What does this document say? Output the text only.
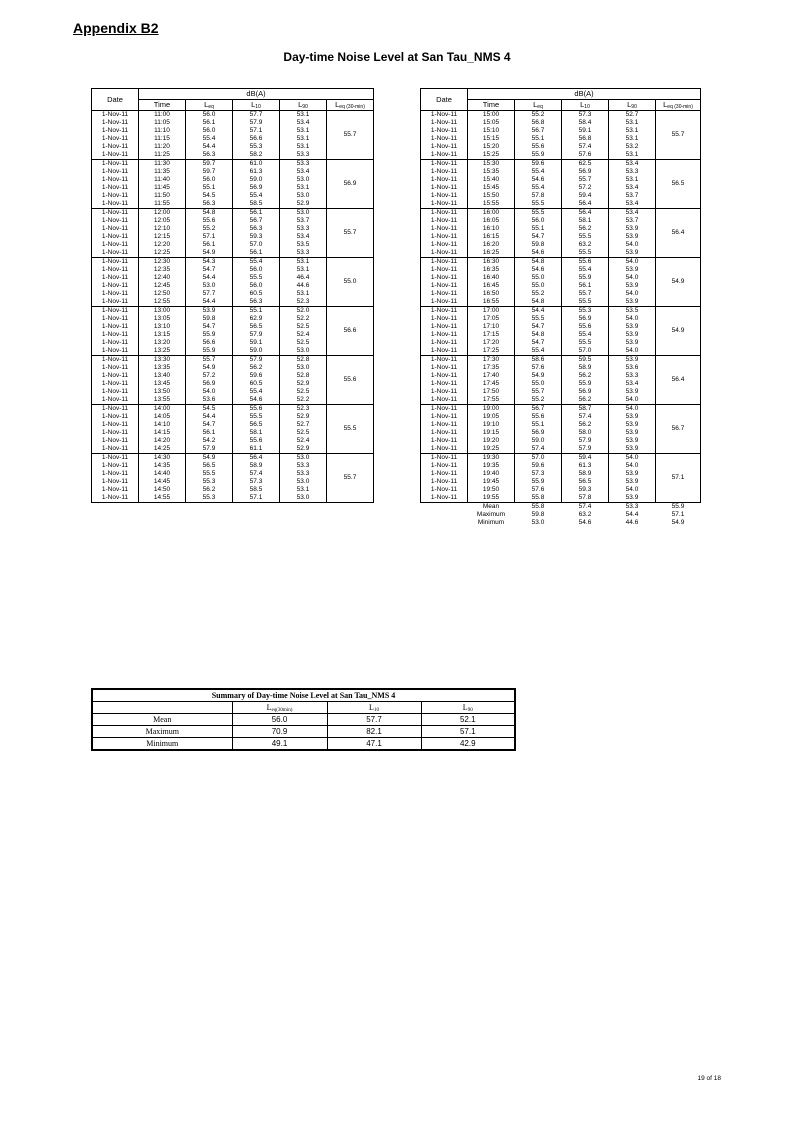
Appendix B2
Day-time Noise Level at San Tau_NMS 4
Date	dB(A)				
	Time	$L_{eq}$	$L_{10}$	$L_{90}$	$L_{eq (30-min)}$
1-Nov-11	11:00	56.0	57.7	53.1	55.7
1-Nov-11	11:05	56.1	57.9	53.4	
1-Nov-11	11:10	56.0	57.1	53.1	
1-Nov-11	11:15	55.4	56.6	53.1	
1-Nov-11	11:20	54.4	55.3	53.1	
1-Nov-11	11:25	56.3	58.2	53.3	
1-Nov-11	11:30	59.7	61.0	53.3	56.9
1-Nov-11	11:35	59.7	61.3	53.4	
1-Nov-11	11:40	56.0	59.0	53.0	
1-Nov-11	11:45	55.1	56.9	53.1	
1-Nov-11	11:50	54.5	55.4	53.0	
1-Nov-11	11:55	56.3	58.5	52.9	
1-Nov-11	12:00	54.8	56.1	53.0	55.7
1-Nov-11	12:05	55.6	56.7	53.7	
1-Nov-11	12:10	55.2	56.3	53.3	
1-Nov-11	12:15	57.1	59.3	53.4	
1-Nov-11	12:20	56.1	57.0	53.5	
1-Nov-11	12:25	54.9	56.1	53.3	
1-Nov-11	12:30	54.3	55.4	53.1	55.0
1-Nov-11	12:35	54.7	56.0	53.1	
1-Nov-11	12:40	54.4	55.5	46.4	
1-Nov-11	12:45	53.0	56.0	44.6	
1-Nov-11	12:50	57.7	60.5	53.1	
1-Nov-11	12:55	54.4	56.3	52.3	
1-Nov-11	13:00	53.9	55.1	52.0	56.6
1-Nov-11	13:05	59.8	62.9	52.2	
1-Nov-11	13:10	54.7	56.5	52.5	
1-Nov-11	13:15	55.9	57.9	52.4	
1-Nov-11	13:20	56.6	59.1	52.5	
1-Nov-11	13:25	55.9	59.0	53.0	
1-Nov-11	13:30	55.7	57.9	52.8	55.6
1-Nov-11	13:35	54.9	56.2	53.0	
1-Nov-11	13:40	57.2	59.6	52.8	
1-Nov-11	13:45	56.9	60.5	52.9	
1-Nov-11	13:50	54.0	55.4	52.5	
1-Nov-11	13:55	53.6	54.6	52.2	
1-Nov-11	14:00	54.5	55.6	52.3	55.5
1-Nov-11	14:05	54.4	55.5	52.9	
1-Nov-11	14:10	54.7	56.5	52.7	
1-Nov-11	14:15	56.1	58.1	52.5	
1-Nov-11	14:20	54.2	55.6	52.4	
1-Nov-11	14:25	57.9	61.1	52.9	
1-Nov-11	14:30	54.9	56.4	53.0	55.7
1-Nov-11	14:35	56.5	58.9	53.3	
1-Nov-11	14:40	55.5	57.4	53.3	
1-Nov-11	14:45	55.3	57.3	53.0	
1-Nov-11	14:50	56.2	58.5	53.1	
1-Nov-11	14:55	55.3	57.1	53.0	
Date	dB(A)				
	Time	$L_{eq}$	$L_{10}$	$L_{90}$	$L_{eq (30-min)}$
1-Nov-11	15:00	55.2	57.3	52.7	55.7
1-Nov-11	15:05	56.8	58.4	53.1	
1-Nov-11	15:10	56.7	59.1	53.1	
1-Nov-11	15:15	55.1	56.8	53.1	
1-Nov-11	15:20	55.6	57.4	53.2	
1-Nov-11	15:25	55.9	57.6	53.1	
1-Nov-11	15:30	59.6	62.5	53.4	56.5
1-Nov-11	15:35	55.4	56.9	53.3	
1-Nov-11	15:40	54.6	55.7	53.1	
1-Nov-11	15:45	55.4	57.2	53.4	
1-Nov-11	15:50	57.8	59.4	53.7	
1-Nov-11	15:55	55.5	56.4	53.4	
1-Nov-11	16:00	55.5	56.4	53.4	56.4
1-Nov-11	16:05	56.0	58.1	53.7	
1-Nov-11	16:10	55.1	56.2	53.9	
1-Nov-11	16:15	54.7	55.5	53.9	
1-Nov-11	16:20	59.8	63.2	54.0	
1-Nov-11	16:25	54.6	55.5	53.9	
1-Nov-11	16:30	54.8	55.6	54.0	54.9
1-Nov-11	16:35	54.6	55.4	53.9	
1-Nov-11	16:40	55.0	55.9	54.0	
1-Nov-11	16:45	55.0	56.1	53.9	
1-Nov-11	16:50	55.2	55.7	54.0	
1-Nov-11	16:55	54.8	55.5	53.9	
1-Nov-11	17:00	54.4	55.3	53.5	54.9
1-Nov-11	17:05	55.5	56.9	54.0	
1-Nov-11	17:10	54.7	55.6	53.9	
1-Nov-11	17:15	54.8	55.4	53.9	
1-Nov-11	17:20	54.7	55.5	53.9	
1-Nov-11	17:25	55.4	57.0	54.0	
1-Nov-11	17:30	58.6	59.5	53.9	56.4
1-Nov-11	17:35	57.6	58.9	53.6	
1-Nov-11	17:40	54.9	56.2	53.3	
1-Nov-11	17:45	55.0	55.9	53.4	
1-Nov-11	17:50	55.7	56.9	53.9	
1-Nov-11	17:55	55.2	56.2	54.0	
1-Nov-11	19:00	56.7	58.7	54.0	56.7
1-Nov-11	19:05	55.6	57.4	53.9	
1-Nov-11	19:10	55.1	56.2	53.9	
1-Nov-11	19:15	56.9	58.0	53.9	
1-Nov-11	19:20	59.0	57.9	53.9	
1-Nov-11	19:25	57.4	57.9	53.9	
1-Nov-11	19:30	57.0	59.4	54.0	57.1
1-Nov-11	19:35	59.6	61.3	54.0	
1-Nov-11	19:40	57.3	58.9	53.9	
1-Nov-11	19:45	55.9	56.5	53.9	
1-Nov-11	19:50	57.6	59.3	54.0	
1-Nov-11	19:55	55.8	57.8	53.9	
	Mean	55.8	57.4	53.3	55.9
	Maximum	59.8	63.2	54.4	57.1
	Minimum	53.0	54.6	44.6	54.9
Summary of Day-time Noise Level at San Tau_NMS 4			
	$L_{eq(30min)}$	$L_{10}$	$L_{90}$
Mean	56.0	57.7	52.1
Maximum	70.9	82.1	57.1
Minimum	49.1	47.1	42.9
19 of 18
